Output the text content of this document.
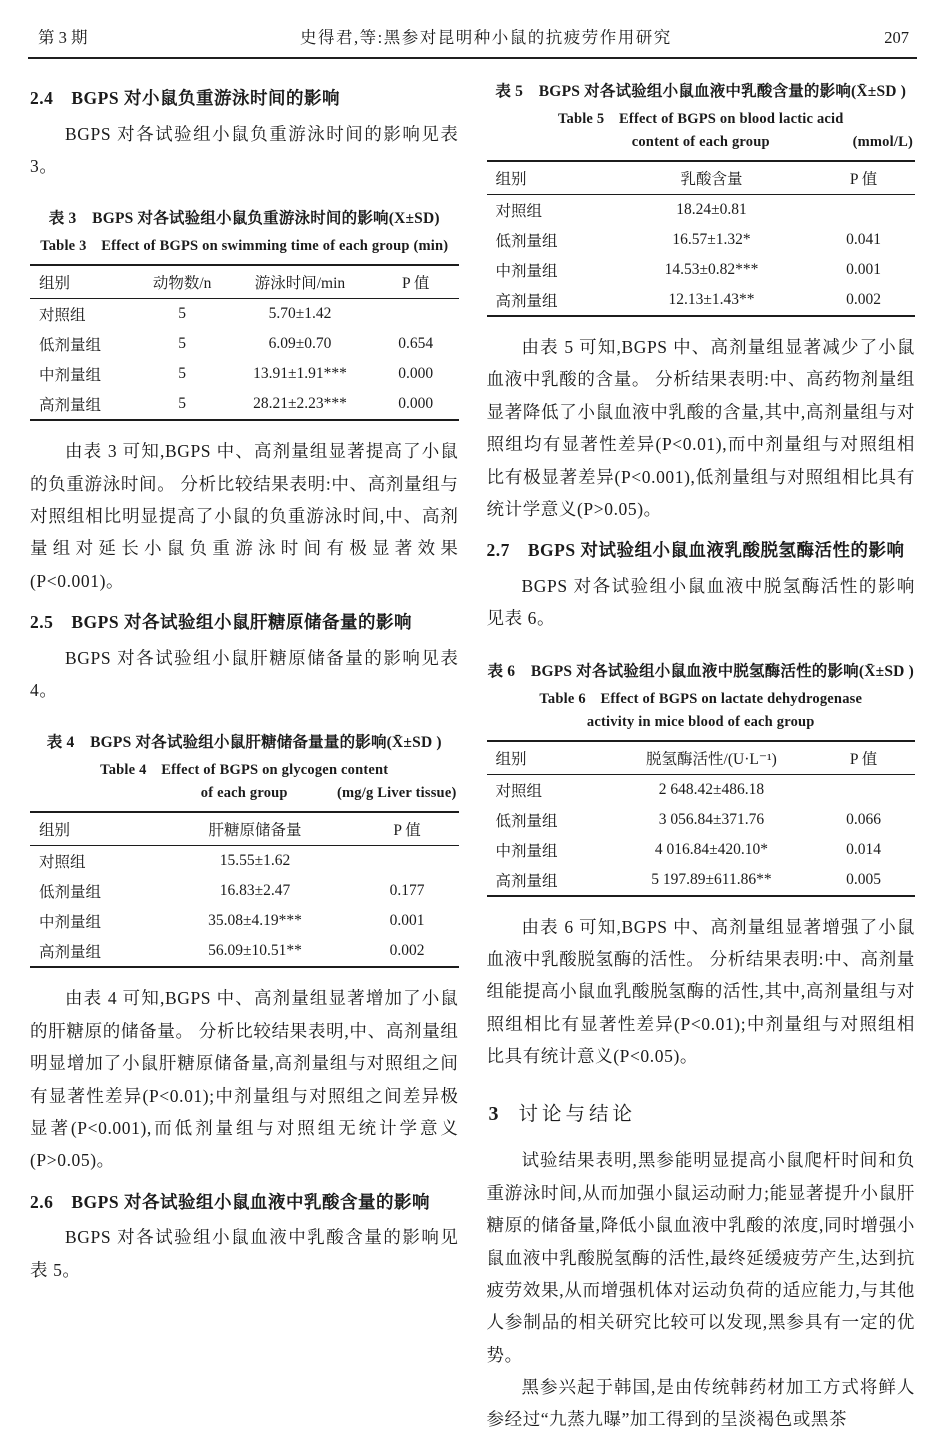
第 3 期	史得君,等:黑参对昆明种小鼠的抗疲劳作用研究	207
2.4　BGPS 对小鼠负重游泳时间的影响

BGPS 对各试验组小鼠负重游泳时间的影响见表 3。

表 3　BGPS 对各试验组小鼠负重游泳时间的影响(X±SD)
Table 3　Effect of BGPS on swimming time of each group (min)
组别	动物数/n	游泳时间/min	P 值
对照组	5	5.70±1.42	
低剂量组	5	6.09±0.70	0.654
中剂量组	5	13.91±1.91***	0.000
高剂量组	5	28.21±2.23***	0.000

由表 3 可知,BGPS 中、高剂量组显著提高了小鼠的负重游泳时间。 分析比较结果表明:中、高剂量组与对照组相比明显提高了小鼠的负重游泳时间,中、高剂量组对延长小鼠负重游泳时间有极显著效果(P<0.001)。

2.5　BGPS 对各试验组小鼠肝糖原储备量的影响

BGPS 对各试验组小鼠肝糖原储备量的影响见表 4。

表 4　BGPS 对各试验组小鼠肝糖储备量量的影响(X̄±SD )
Table 4　Effect of BGPS on glycogen content
of each group	(mg/g Liver tissue)
组别	肝糖原储备量	P 值
对照组	15.55±1.62	
低剂量组	16.83±2.47	0.177
中剂量组	35.08±4.19***	0.001
高剂量组	56.09±10.51**	0.002

由表 4 可知,BGPS 中、高剂量组显著增加了小鼠的肝糖原的储备量。 分析比较结果表明,中、高剂量组明显增加了小鼠肝糖原储备量,高剂量组与对照组之间有显著性差异(P<0.01);中剂量组与对照组之间差异极显著(P<0.001),而低剂量组与对照组无统计学意义(P>0.05)。

2.6　BGPS 对各试验组小鼠血液中乳酸含量的影响

BGPS 对各试验组小鼠血液中乳酸含量的影响见表 5。

表 5　BGPS 对各试验组小鼠血液中乳酸含量的影响(X̄±SD )
Table 5　Effect of BGPS on blood lactic acid
content of each group	(mmol/L)
组别	乳酸含量	P 值
对照组	18.24±0.81	
低剂量组	16.57±1.32*	0.041
中剂量组	14.53±0.82***	0.001
高剂量组	12.13±1.43**	0.002

由表 5 可知,BGPS 中、高剂量组显著减少了小鼠血液中乳酸的含量。 分析结果表明:中、高药物剂量组显著降低了小鼠血液中乳酸的含量,其中,高剂量组与对照组均有显著性差异(P<0.01),而中剂量组与对照组相比有极显著差异(P<0.001),低剂量组与对照组相比具有统计学意义(P>0.05)。

2.7　BGPS 对试验组小鼠血液乳酸脱氢酶活性的影响

BGPS 对各试验组小鼠血液中脱氢酶活性的影响见表 6。

表 6　BGPS 对各试验组小鼠血液中脱氢酶活性的影响(X̄±SD )
Table 6　Effect of BGPS on lactate dehydrogenase
activity in mice blood of each group
组别	脱氢酶活性/(U·L⁻¹)	P 值
对照组	2 648.42±486.18	
低剂量组	3 056.84±371.76	0.066
中剂量组	4 016.84±420.10*	0.014
高剂量组	5 197.89±611.86**	0.005

由表 6 可知,BGPS 中、高剂量组显著增强了小鼠血液中乳酸脱氢酶的活性。 分析结果表明:中、高剂量组能提高小鼠血乳酸脱氢酶的活性,其中,高剂量组与对照组相比有显著性差异(P<0.01);中剂量组与对照组相比具有统计意义(P<0.05)。

3 讨论与结论

试验结果表明,黑参能明显提高小鼠爬杆时间和负重游泳时间,从而加强小鼠运动耐力;能显著提升小鼠肝糖原的储备量,降低小鼠血液中乳酸的浓度,同时增强小鼠血液中乳酸脱氢酶的活性,最终延缓疲劳产生,达到抗疲劳效果,从而增强机体对运动负荷的适应能力,与其他人参制品的相关研究比较可以发现,黑参具有一定的优势。

黑参兴起于韩国,是由传统韩药材加工方式将鲜人参经过“九蒸九曝”加工得到的呈淡褐色或黑茶
